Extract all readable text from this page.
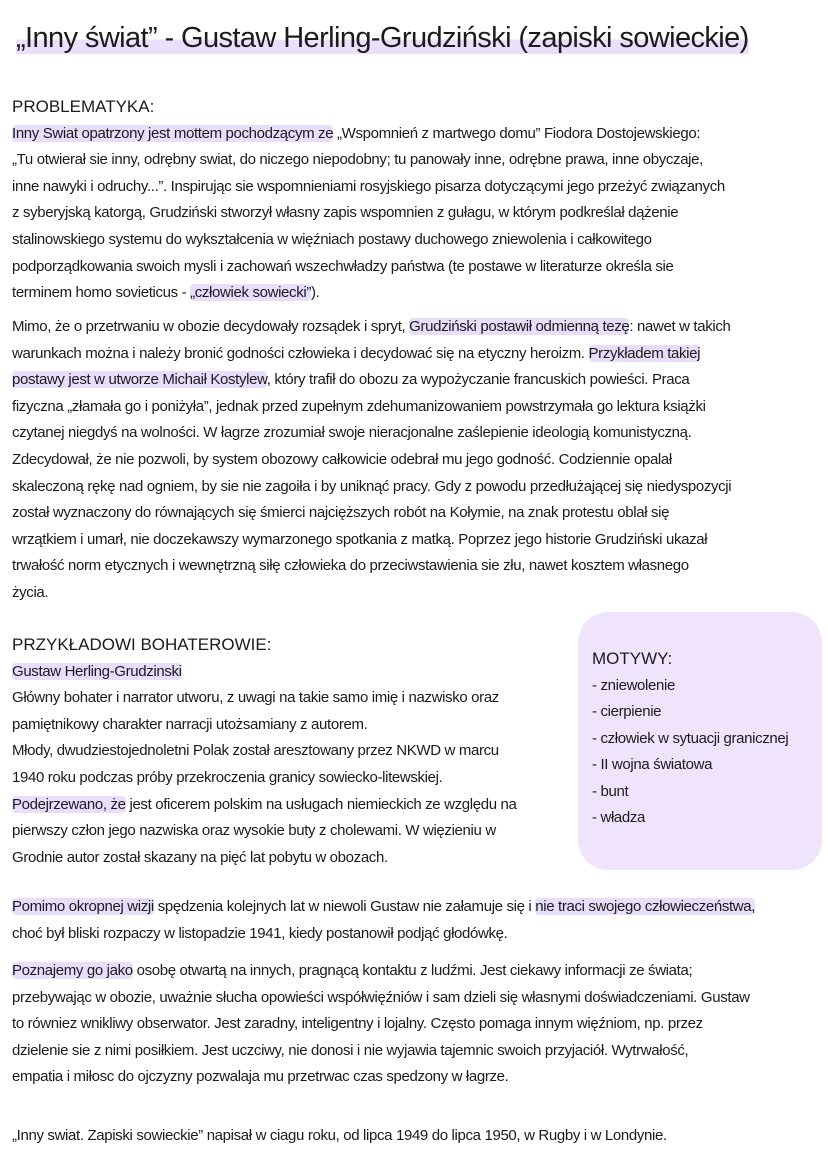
„Inny świat” - Gustaw Herling-Grudziński (zapiski sowieckie)
PROBLEMATYKA:
Inny Swiat opatrzony jest mottem pochodzącym ze „Wspomnień z martwego domu” Fiodora Dostojewskiego:
„Tu otwierał sie inny, odrębny swiat, do niczego niepodobny; tu panowały inne, odrębne prawa, inne obyczaje,
inne nawyki i odruchy...”. Inspirując sie wspomnieniami rosyjskiego pisarza dotyczącymi jego przeżyć związanych
z syberyjską katorgą, Grudziński stworzył własny zapis wspomnien z gułagu, w którym podkreślał dążenie
stalinowskiego systemu do wykształcenia w więźniach postawy duchowego zniewolenia i całkowitego
podporządkowania swoich mysli i zachowań wszechwładzy państwa (te postawe w literaturze określa sie
terminem homo sovieticus - „człowiek sowiecki”).
Mimo, że o przetrwaniu w obozie decydowały rozsądek i spryt, Grudziński postawił odmienną tezę: nawet w takich
warunkach można i należy bronić godności człowieka i decydować się na etyczny heroizm. Przykładem takiej
postawy jest w utworze Michaił Kostylew, który trafił do obozu za wypożyczanie francuskich powieści. Praca
fizyczna „złamała go i poniżyła”, jednak przed zupełnym zdehumanizowaniem powstrzymała go lektura książki
czytanej niegdyś na wolności. W łagrze zrozumiał swoje nieracjonalne zaślepienie ideologią komunistyczną.
Zdecydował, że nie pozwoli, by system obozowy całkowicie odebrał mu jego godność. Codziennie opalał
skaleczoną rękę nad ogniem, by sie nie zagoiła i by uniknąć pracy. Gdy z powodu przedłużającej się niedyspozycji
został wyznaczony do równających się śmierci najcięższych robót na Kołymie, na znak protestu oblał się
wrzątkiem i umarł, nie doczekawszy wymarzonego spotkania z matką. Poprzez jego historie Grudziński ukazał
trwałość norm etycznych i wewnętrzną siłę człowieka do przeciwstawienia sie złu, nawet kosztem własnego
życia.
PRZYKŁADOWI BOHATEROWIE:
Gustaw Herling-Grudzinski
Główny bohater i narrator utworu, z uwagi na takie samo imię i nazwisko oraz
pamiętnikowy charakter narracji utożsamiany z autorem.
Młody, dwudziestojednoletni Polak został aresztowany przez NKWD w marcu
1940 roku podczas próby przekroczenia granicy sowiecko-litewskiej.
Podejrzewano, że jest oficerem polskim na usługach niemieckich ze względu na
pierwszy człon jego nazwiska oraz wysokie buty z cholewami. W więzieniu w
Grodnie autor został skazany na pięć lat pobytu w obozach.
Pomimo okropnej wizji spędzenia kolejnych lat w niewoli Gustaw nie załamuje się i nie traci swojego człowieczeństwa,
choć był bliski rozpaczy w listopadzie 1941, kiedy postanowił podjąć głodówkę.
Poznajemy go jako osobę otwartą na innych, pragnącą kontaktu z ludźmi. Jest ciekawy informacji ze świata;
przebywając w obozie, uważnie słucha opowieści współwięźniów i sam dzieli się własnymi doświadczeniami. Gustaw
to równiez wnikliwy obserwator. Jest zaradny, inteligentny i lojalny. Często pomaga innym więźniom, np. przez
dzielenie sie z nimi posiłkiem. Jest uczciwy, nie donosi i nie wyjawia tajemnic swoich przyjaciół. Wytrwałość,
empatia i miłosc do ojczyzny pozwalaja mu przetrwac czas spedzony w łagrze.
„Inny swiat. Zapiski sowieckie” napisał w ciagu roku, od lipca 1949 do lipca 1950, w Rugby i w Londynie.
MOTYWY:
- zniewolenie
- cierpienie
- człowiek w sytuacji granicznej
- II wojna światowa
- bunt
- władza
